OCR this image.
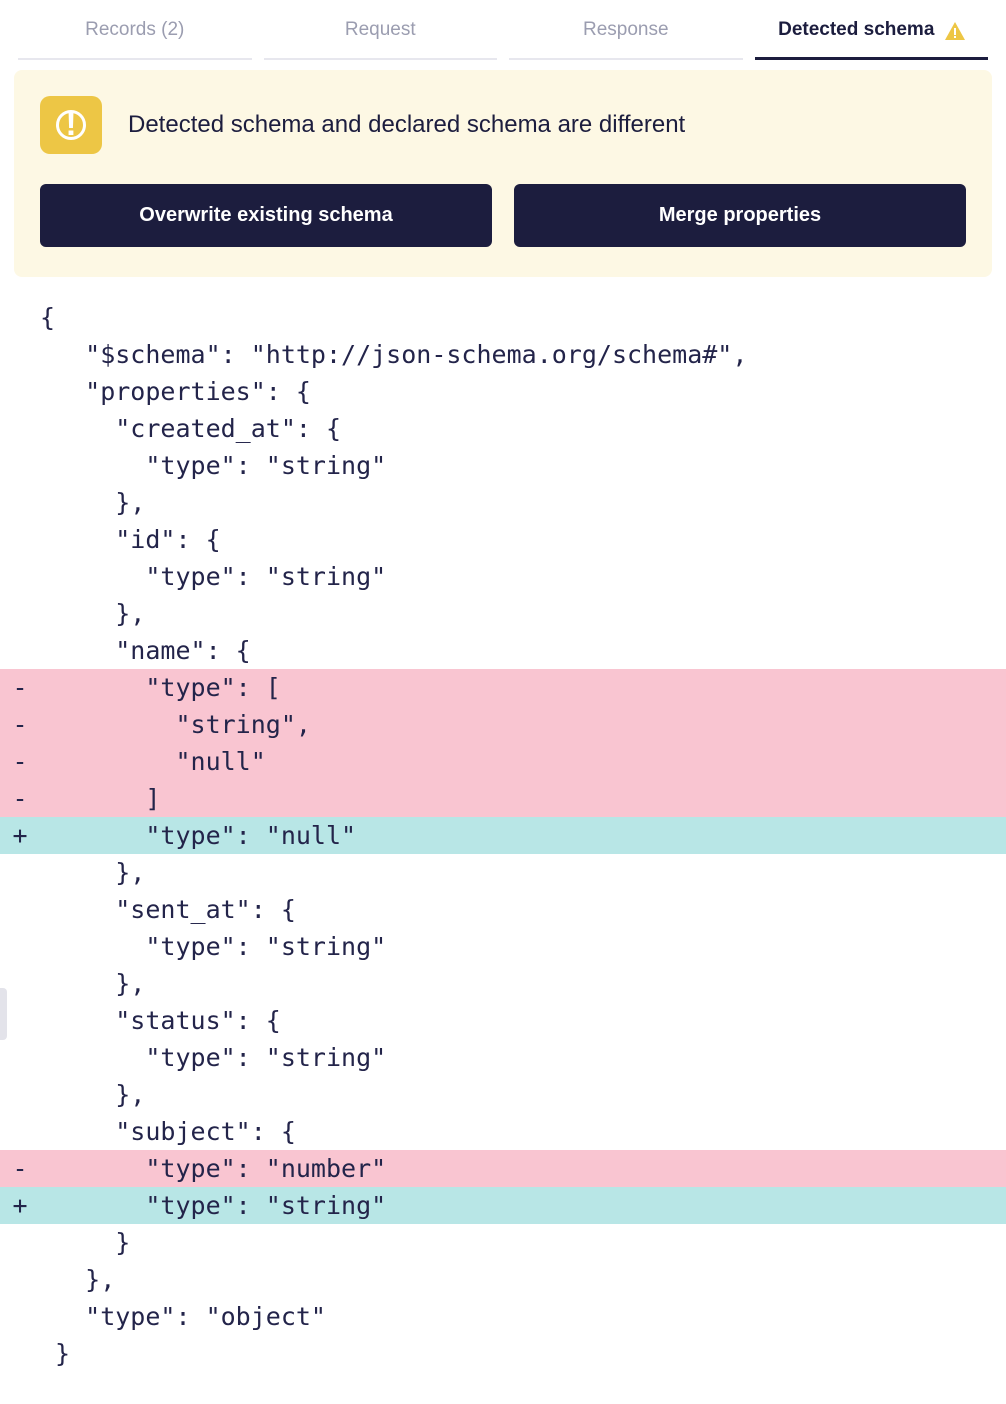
Records (2)	Request	Response	Detected schema
!	Detected schema and declared schema are different
Overwrite existing schema	Merge properties
{
"$schema": "http://json-schema.org/schema#",
"properties": {
"created_at": {
"type": "string"
},
"id": {
"type": "string"
},
"name": {
- "type": [
- "string",
- "null"
- ]
+ "type": "null"
},
"sent_at": {
"type": "string"
},
"status": {
"type": "string"
},
"subject": {
- "type": "number"
+ "type": "string"
}
},
"type": "object"
}
